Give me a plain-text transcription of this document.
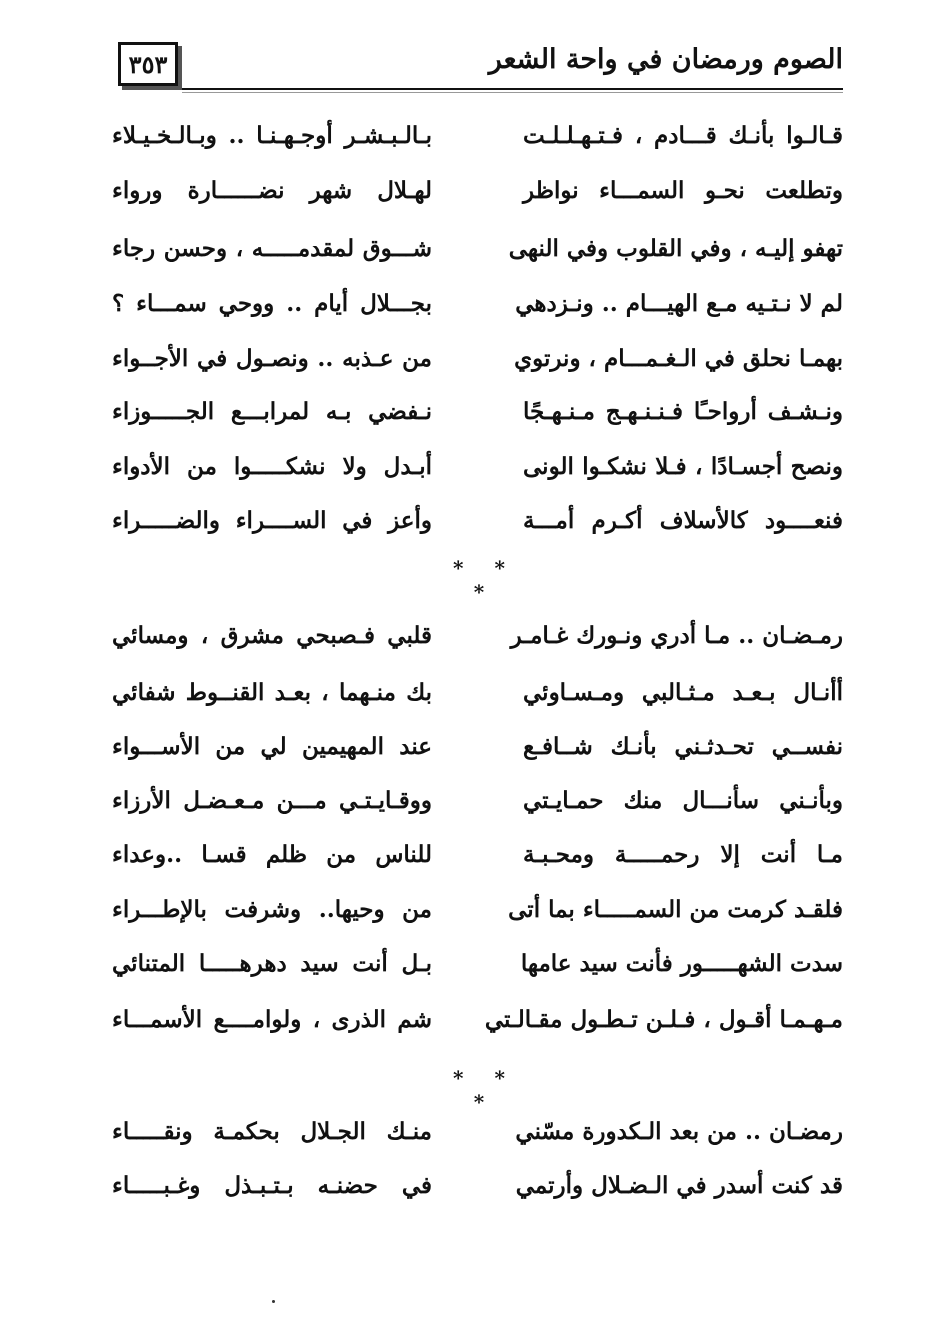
الصوم ورمضان في واحة الشعر
٣٥٣
قـالـوا بأنـك قـــادم ، فـتـهـلـلـت
بـالـبـشـر أوجـهـنـا .. وبـالـخـيـلاء
وتطلعت نحـو السمـــاء نواظر
لهـلال شهر نضــــــارة ورواء
تهفو إليـه ، وفي القلوب وفي النهى
شـــوق لمقدمـــــه ، وحسن رجاء
لم لا نـتـيه مـع الهيـــام .. ونـزدهي
بجـــلال أيام .. ووحي سمـــاء ؟
بهمـا نحلق في الـغـمـــام ، ونرتوي
من عـذبه .. ونصـول في الأجــواء
ونـشـف أرواحـًا فـنـنـهـج مـنـهـجًا
نـفضي بـه لمرابـــع الجـــــوزاء
ونصح أجسـادًا ، فـلا نشكـوا الونى
أبـدل ولا نشكـــــوا من الأدواء
فنعــــود كالأسلاف أكـرم أمـــة
وأعز في الســــراء والضـــــراء
* * *
رمـضـان .. مـا أدري ونـورك غـامـر
قلبي فـصبحي مشرق ، ومسائي
أأنـال بـعـد مـثـالبي ومـسـاوئي
بك منـهما ، بعـد القنــوط شفائي
نفســي تحـدثـني بأنـك شــافـع
عند المهيمين لي من الأســـواء
وبأنـني سأنـــال منك حمـايـتي
ووقـايـتـي مـــن مـعـضـل الأرزاء
مـا أنت إلا رحمـــــة ومحـبـة
للناس من ظلم قسـا ..وعداء
فلقـد كرمت من السمـــــاء بما أتى
من وحيها.. وشرفت بالإطـــراء
سدت الشهـــــور فأنت سيد عامها
بـل أنت سيد دهرهـــــا المتنائي
مـهـمـا أقـول ، فـلـن تـطـول مقـالـتي
شم الذرى ، ولوامــــع الأسمـــاء
* * *
رمضـان .. من بعد الـكدورة مسّني
منـك الجـلال بحكمـة ونقـــــاء
قد كنت أسدر في الـضـلال وأرتمي
في حضنـه بـتـبـذل وغـبـــــاء
